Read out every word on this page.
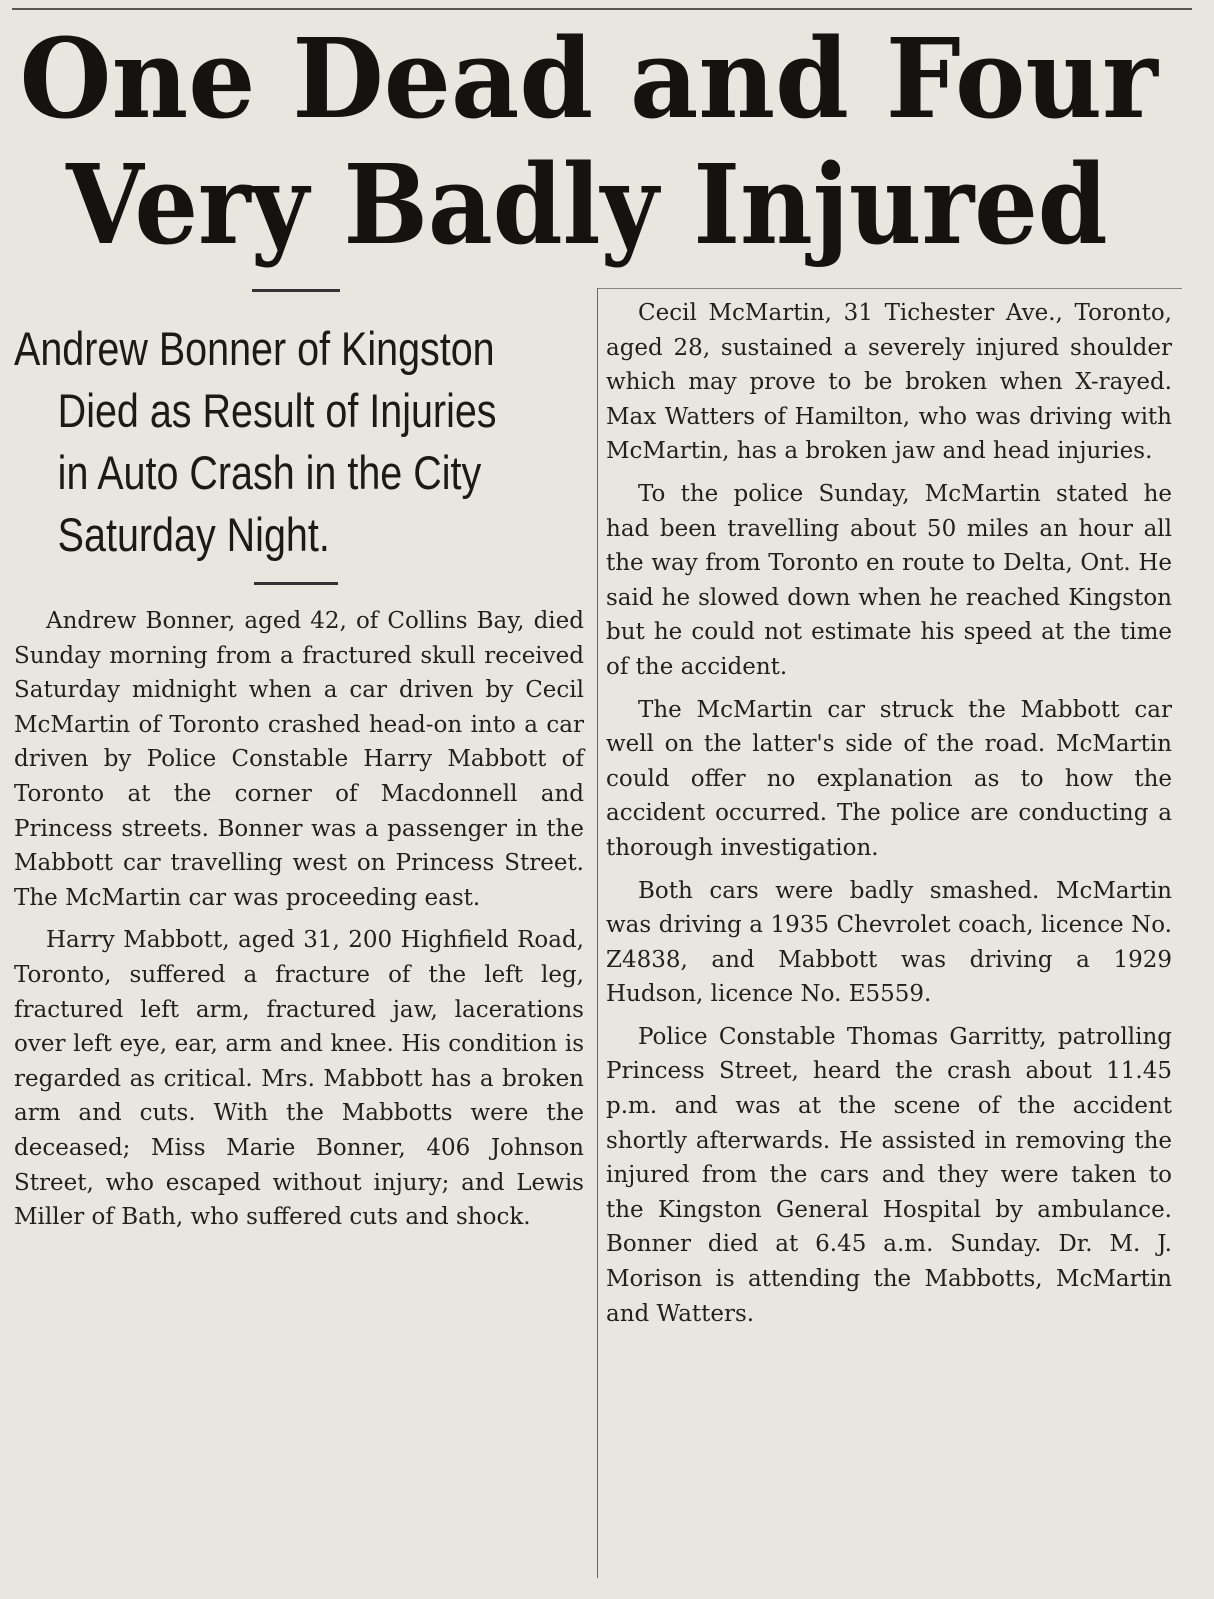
One Dead and Four
Very Badly Injured
Andrew Bonner of Kingston
Died as Result of Injuries
in Auto Crash in the City
Saturday Night.

Andrew Bonner, aged 42, of Collins Bay, died Sunday morning from a fractured skull received Saturday midnight when a car driven by Cecil McMartin of Toronto crashed head-on into a car driven by Police Constable Harry Mabbott of Toronto at the corner of Macdonnell and Princess streets. Bonner was a passenger in the Mabbott car travelling west on Princess Street. The McMartin car was proceeding east.

Harry Mabbott, aged 31, 200 Highfield Road, Toronto, suffered a fracture of the left leg, fractured left arm, fractured jaw, lacerations over left eye, ear, arm and knee. His condition is regarded as critical. Mrs. Mabbott has a broken arm and cuts. With the Mabbotts were the deceased; Miss Marie Bonner, 406 Johnson Street, who escaped without injury; and Lewis Miller of Bath, who suffered cuts and shock.

Cecil McMartin, 31 Tichester Ave., Toronto, aged 28, sustained a severely injured shoulder which may prove to be broken when X-rayed. Max Watters of Hamilton, who was driving with McMartin, has a broken jaw and head injuries.

To the police Sunday, McMartin stated he had been travelling about 50 miles an hour all the way from Toronto en route to Delta, Ont. He said he slowed down when he reached Kingston but he could not estimate his speed at the time of the accident.

The McMartin car struck the Mabbott car well on the latter's side of the road. McMartin could offer no explanation as to how the accident occurred. The police are conducting a thorough investigation.

Both cars were badly smashed. McMartin was driving a 1935 Chevrolet coach, licence No. Z4838, and Mabbott was driving a 1929 Hudson, licence No. E5559.

Police Constable Thomas Garritty, patrolling Princess Street, heard the crash about 11.45 p.m. and was at the scene of the accident shortly afterwards. He assisted in removing the injured from the cars and they were taken to the Kingston General Hospital by ambulance. Bonner died at 6.45 a.m. Sunday. Dr. M. J. Morison is attending the Mabbotts, McMartin and Watters.
